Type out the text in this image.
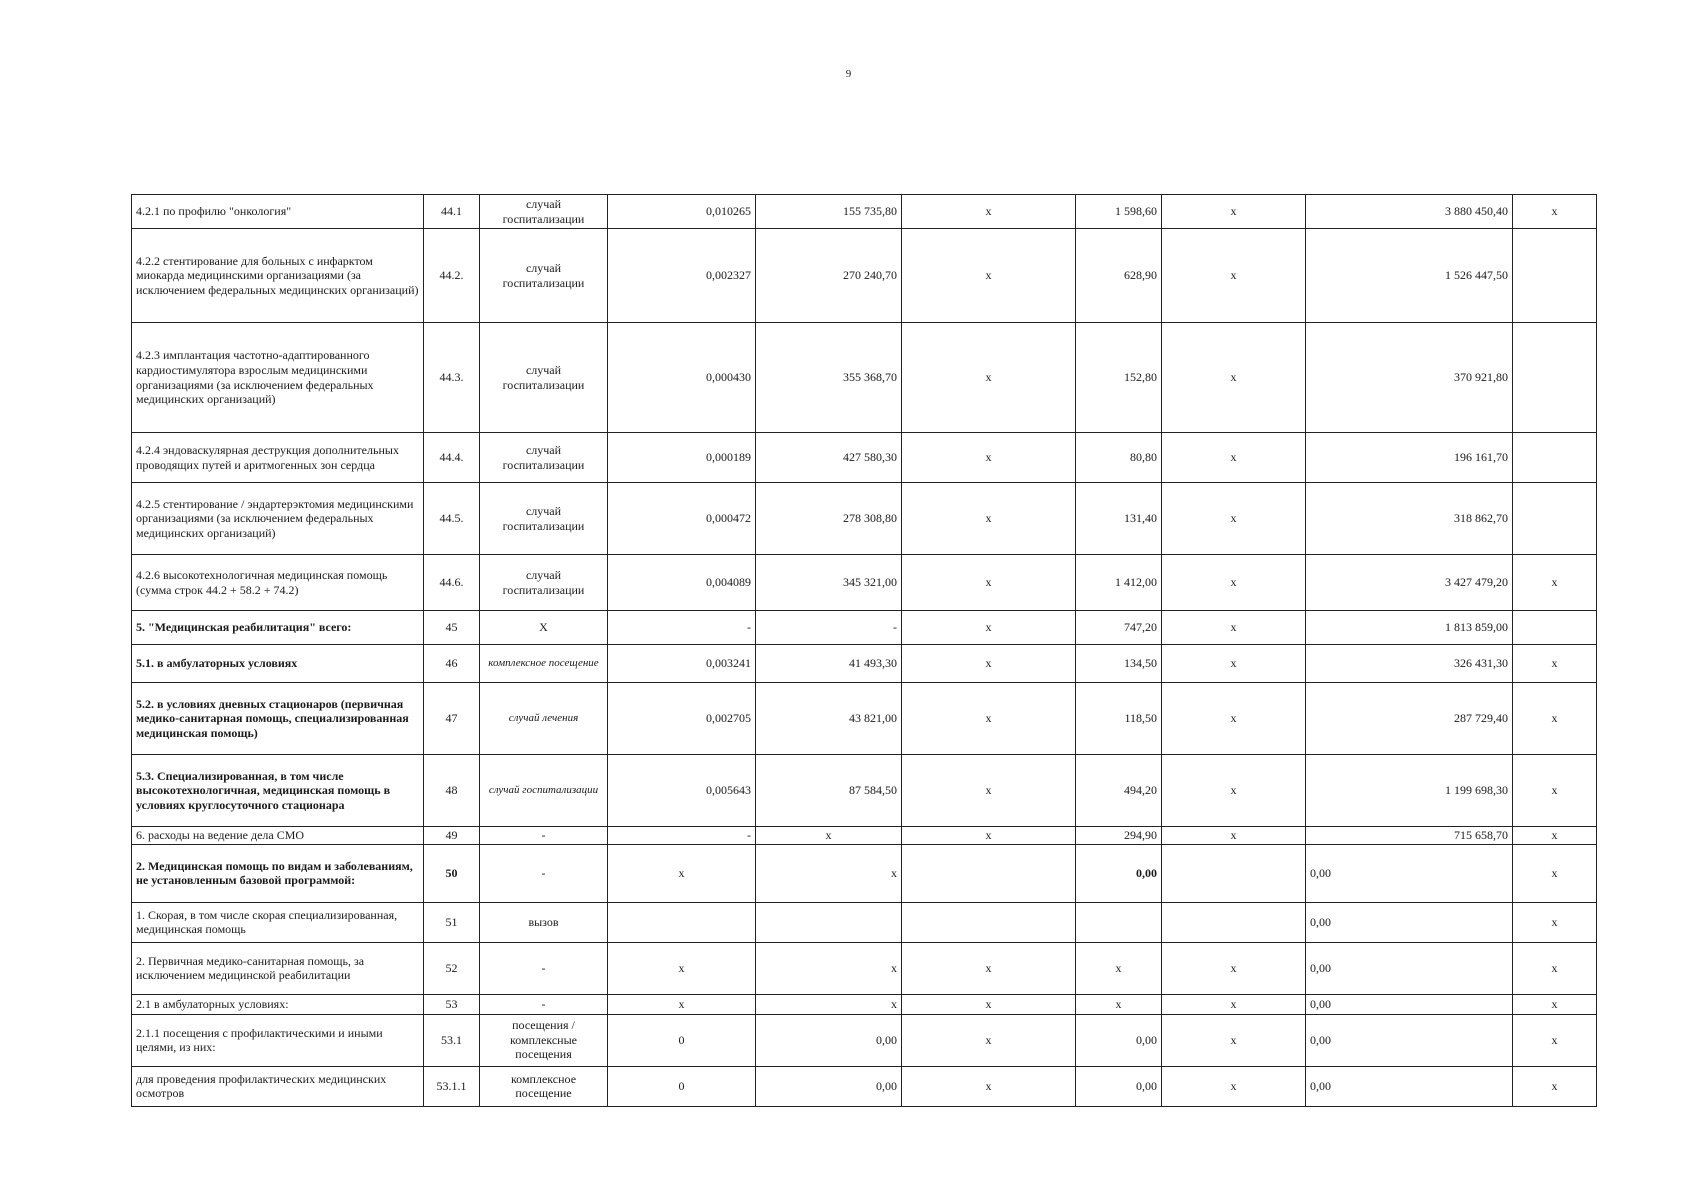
9
4.2.1 по профилю "онкология"	44.1	случай госпитализации	0,010265	155 735,80	х	1 598,60	х	3 880 450,40	х
4.2.2 стентирование для больных с инфарктом миокарда медицинскими организациями (за исключением федеральных медицинских организаций)	44.2.	случай госпитализации	0,002327	270 240,70	х	628,90	х	1 526 447,50	
4.2.3 имплантация частотно-адаптированного кардиостимулятора взрослым медицинскими организациями (за исключением федеральных медицинских организаций)	44.3.	случай госпитализации	0,000430	355 368,70	х	152,80	х	370 921,80	
4.2.4 эндоваскулярная деструкция дополнительных проводящих путей и аритмогенных зон сердца	44.4.	случай госпитализации	0,000189	427 580,30	х	80,80	х	196 161,70	
4.2.5 стентирование / эндартерэктомия медицинскими организациями (за исключением федеральных медицинских организаций)	44.5.	случай госпитализации	0,000472	278 308,80	х	131,40	х	318 862,70	
4.2.6 высокотехнологичная медицинская помощь (сумма строк 44.2 + 58.2 + 74.2)	44.6.	случай госпитализации	0,004089	345 321,00	х	1 412,00	х	3 427 479,20	х
5. "Медицинская реабилитация" всего:	45	Х	-	-	х	747,20	х	1 813 859,00	
5.1. в амбулаторных условиях	46	комплексное посещение	0,003241	41 493,30	х	134,50	х	326 431,30	х
5.2. в условиях дневных стационаров (первичная медико-санитарная помощь, специализированная медицинская помощь)	47	случай лечения	0,002705	43 821,00	х	118,50	х	287 729,40	х
5.3. Специализированная, в том числе высокотехнологичная, медицинская помощь в условиях круглосуточного стационара	48	случай госпитализации	0,005643	87 584,50	х	494,20	х	1 199 698,30	х
6. расходы на ведение дела СМО	49	-	-	х	х	294,90	х	715 658,70	х
2. Медицинская помощь по видам и заболеваниям, не установленным базовой программой:	50	-	х	х		0,00		0,00	х
1. Скорая, в том числе скорая специализированная, медицинская помощь	51	вызов						0,00	х
2. Первичная медико-санитарная помощь, за исключением медицинской реабилитации	52	-	х	х	х	х	х	0,00	х
2.1 в амбулаторных условиях:	53	-	х	х	х	х	х	0,00	х
2.1.1 посещения с профилактическими и иными целями, из них:	53.1	посещения / комплексные посещения	0	0,00	х	0,00	х	0,00	х
для проведения профилактических медицинских осмотров	53.1.1	комплексное посещение	0	0,00	х	0,00	х	0,00	х
